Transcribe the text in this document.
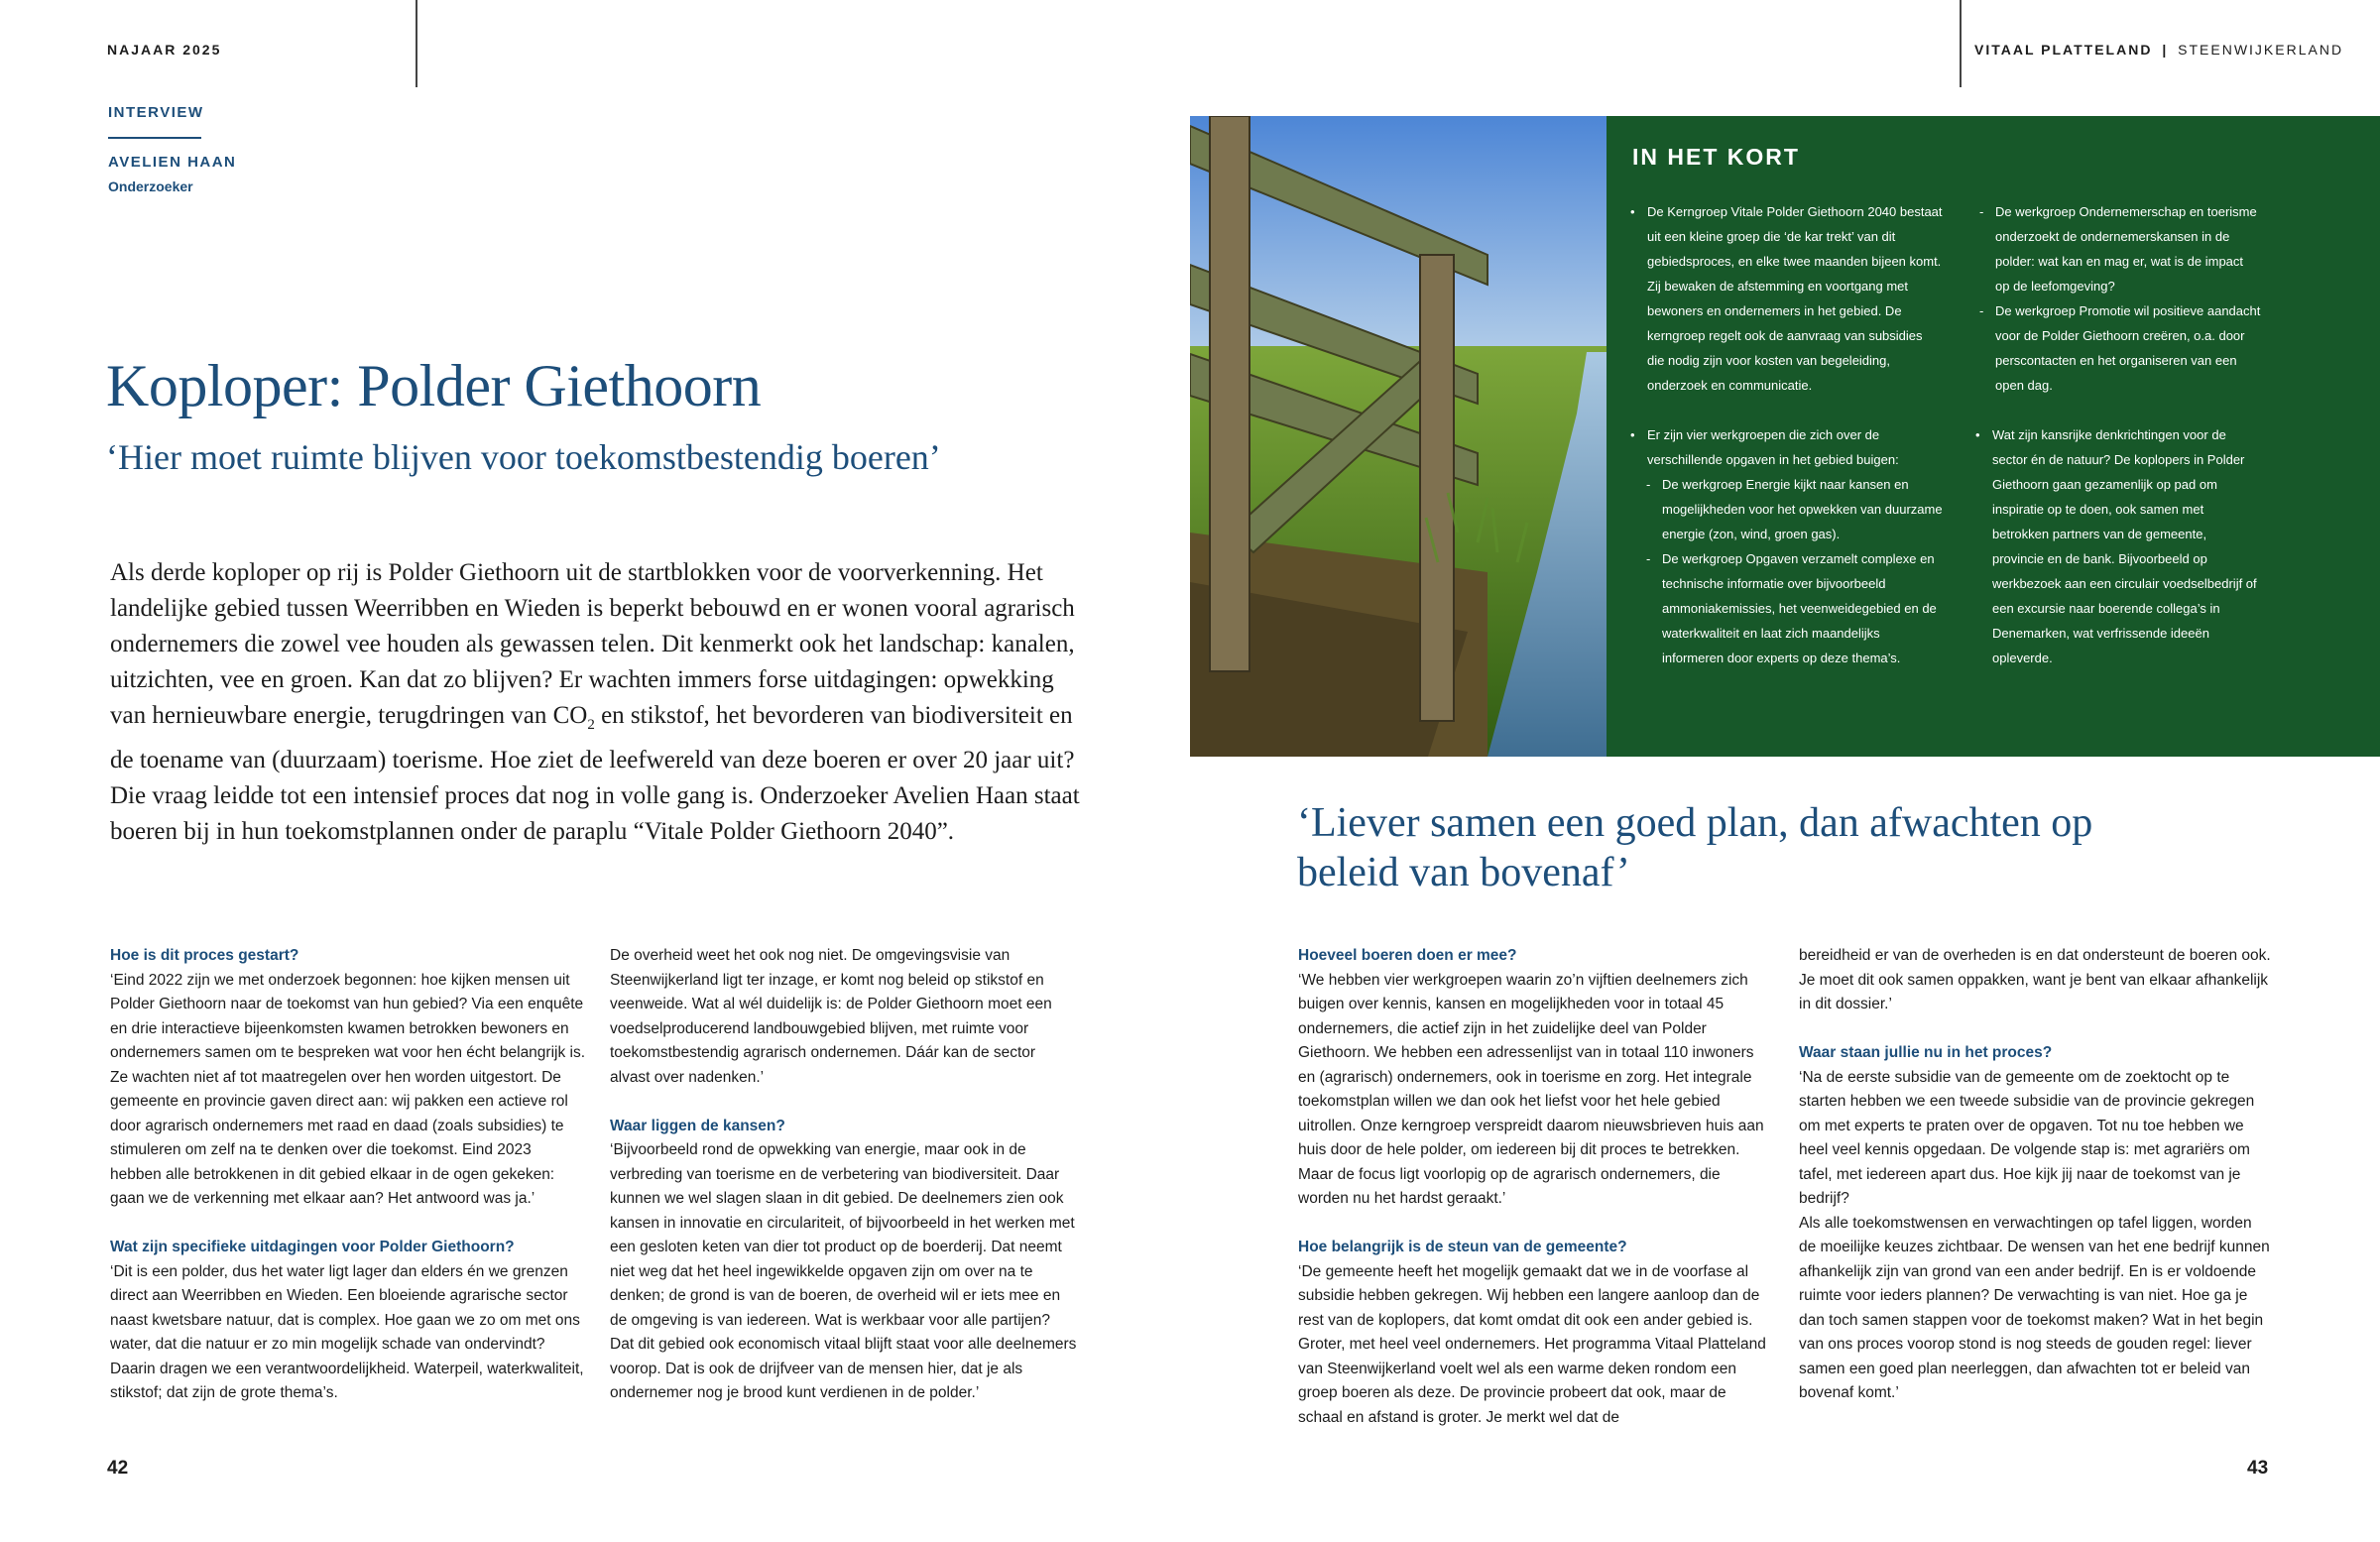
NAJAAR 2025	VITAAL PLATTELAND | STEENWIJKERLAND
INTERVIEW
AVELIEN HAAN
Onderzoeker
Koploper: Polder Giethoorn
‘Hier moet ruimte blijven voor toekomstbestendig boeren’
Als derde koploper op rij is Polder Giethoorn uit de startblokken voor de voorverkenning. Het landelijke gebied tussen Weerribben en Wieden is beperkt bebouwd en er wonen vooral agrarisch ondernemers die zowel vee houden als gewassen telen. Dit kenmerkt ook het landschap: kanalen, uitzichten, vee en groen. Kan dat zo blijven? Er wachten immers forse uitdagingen: opwekking van hernieuwbare energie, terugdringen van $CO_2$ en stikstof, het bevorderen van biodiversiteit en de toename van (duurzaam) toerisme. Hoe ziet de leefwereld van deze boeren er over 20 jaar uit? Die vraag leidde tot een intensief proces dat nog in volle gang is. Onderzoeker Avelien Haan staat boeren bij in hun toekomstplannen onder de paraplu “Vitale Polder Giethoorn 2040”.
IN HET KORT

• De Kerngroep Vitale Polder Giethoorn 2040 bestaat uit een kleine groep die ‘de kar trekt’ van dit gebiedsproces, en elke twee maanden bijeen komt. Zij bewaken de afstemming en voortgang met bewoners en ondernemers in het gebied. De kerngroep regelt ook de aanvraag van subsidies die nodig zijn voor kosten van begeleiding, onderzoek en communicatie.

• Er zijn vier werkgroepen die zich over de verschillende opgaven in het gebied buigen:

- De werkgroep Energie kijkt naar kansen en mogelijkheden voor het opwekken van duurzame energie (zon, wind, groen gas).

- De werkgroep Opgaven verzamelt complexe en technische informatie over bijvoorbeeld ammoniakemissies, het veenweidegebied en de waterkwaliteit en laat zich maandelijks informeren door experts op deze thema’s.

- De werkgroep Ondernemerschap en toerisme onderzoekt de ondernemerskansen in de polder: wat kan en mag er, wat is de impact op de leefomgeving?

- De werkgroep Promotie wil positieve aandacht voor de Polder Giethoorn creëren, o.a. door perscontacten en het organiseren van een open dag.

• Wat zijn kansrijke denkrichtingen voor de sector én de natuur? De koplopers in Polder Giethoorn gaan gezamenlijk op pad om inspiratie op te doen, ook samen met betrokken partners van de gemeente, provincie en de bank. Bijvoorbeeld op werkbezoek aan een circulair voedselbedrijf of een excursie naar boerende collega’s in Denemarken, wat verfrissende ideeën opleverde.

‘Liever samen een goed plan, dan afwachten op beleid van bovenaf’

Hoe is dit proces gestart?

‘Eind 2022 zijn we met onderzoek begonnen: hoe kijken mensen uit Polder Giethoorn naar de toekomst van hun gebied? Via een enquête en drie interactieve bijeenkomsten kwamen betrokken bewoners en ondernemers samen om te bespreken wat voor hen écht belangrijk is. Ze wachten niet af tot maatregelen over hen worden uitgestort. De gemeente en provincie gaven direct aan: wij pakken een actieve rol door agrarisch ondernemers met raad en daad (zoals subsidies) te stimuleren om zelf na te denken over die toekomst. Eind 2023 hebben alle betrokkenen in dit gebied elkaar in de ogen gekeken: gaan we de verkenning met elkaar aan? Het antwoord was ja.’

Wat zijn specifieke uitdagingen voor Polder Giethoorn?

‘Dit is een polder, dus het water ligt lager dan elders én we grenzen direct aan Weerribben en Wieden. Een bloeiende agrarische sector naast kwetsbare natuur, dat is complex. Hoe gaan we zo om met ons water, dat die natuur er zo min mogelijk schade van ondervindt? Daarin dragen we een verantwoordelijkheid. Waterpeil, waterkwaliteit, stikstof; dat zijn de grote thema’s.

De overheid weet het ook nog niet. De omgevingsvisie van Steenwijkerland ligt ter inzage, er komt nog beleid op stikstof en veenweide. Wat al wél duidelijk is: de Polder Giethoorn moet een voedselproducerend landbouwgebied blijven, met ruimte voor toekomstbestendig agrarisch ondernemen. Dáár kan de sector alvast over nadenken.’

Waar liggen de kansen?

‘Bijvoorbeeld rond de opwekking van energie, maar ook in de verbreding van toerisme en de verbetering van biodiversiteit. Daar kunnen we wel slagen slaan in dit gebied. De deelnemers zien ook kansen in innovatie en circulariteit, of bijvoorbeeld in het werken met een gesloten keten van dier tot product op de boerderij. Dat neemt niet weg dat het heel ingewikkelde opgaven zijn om over na te denken; de grond is van de boeren, de overheid wil er iets mee en de omgeving is van iedereen. Wat is werkbaar voor alle partijen? Dat dit gebied ook economisch vitaal blijft staat voor alle deelnemers voorop. Dat is ook de drijfveer van de mensen hier, dat je als ondernemer nog je brood kunt verdienen in de polder.’

Hoeveel boeren doen er mee?

‘We hebben vier werkgroepen waarin zo’n vijftien deelnemers zich buigen over kennis, kansen en mogelijkheden voor in totaal 45 ondernemers, die actief zijn in het zuidelijke deel van Polder Giethoorn. We hebben een adressenlijst van in totaal 110 inwoners en (agrarisch) ondernemers, ook in toerisme en zorg. Het integrale toekomstplan willen we dan ook het liefst voor het hele gebied uitrollen. Onze kerngroep verspreidt daarom nieuwsbrieven huis aan huis door de hele polder, om iedereen bij dit proces te betrekken. Maar de focus ligt voorlopig op de agrarisch ondernemers, die worden nu het hardst geraakt.’

Hoe belangrijk is de steun van de gemeente?

‘De gemeente heeft het mogelijk gemaakt dat we in de voorfase al subsidie hebben gekregen. Wij hebben een langere aanloop dan de rest van de koplopers, dat komt omdat dit ook een ander gebied is. Groter, met heel veel ondernemers. Het programma Vitaal Platteland van Steenwijkerland voelt wel als een warme deken rondom een groep boeren als deze. De provincie probeert dat ook, maar de schaal en afstand is groter. Je merkt wel dat de

bereidheid er van de overheden is en dat ondersteunt de boeren ook. Je moet dit ook samen oppakken, want je bent van elkaar afhankelijk in dit dossier.’

Waar staan jullie nu in het proces?

‘Na de eerste subsidie van de gemeente om de zoektocht op te starten hebben we een tweede subsidie van de provincie gekregen om met experts te praten over de opgaven. Tot nu toe hebben we heel veel kennis opgedaan. De volgende stap is: met agrariërs om tafel, met iedereen apart dus. Hoe kijk jij naar de toekomst van je bedrijf?

Als alle toekomstwensen en verwachtingen op tafel liggen, worden de moeilijke keuzes zichtbaar. De wensen van het ene bedrijf kunnen afhankelijk zijn van grond van een ander bedrijf. En is er voldoende ruimte voor ieders plannen? De verwachting is van niet. Hoe ga je dan toch samen stappen voor de toekomst maken? Wat in het begin van ons proces voorop stond is nog steeds de gouden regel: liever samen een goed plan neerleggen, dan afwachten tot er beleid van bovenaf komt.’

42	43
